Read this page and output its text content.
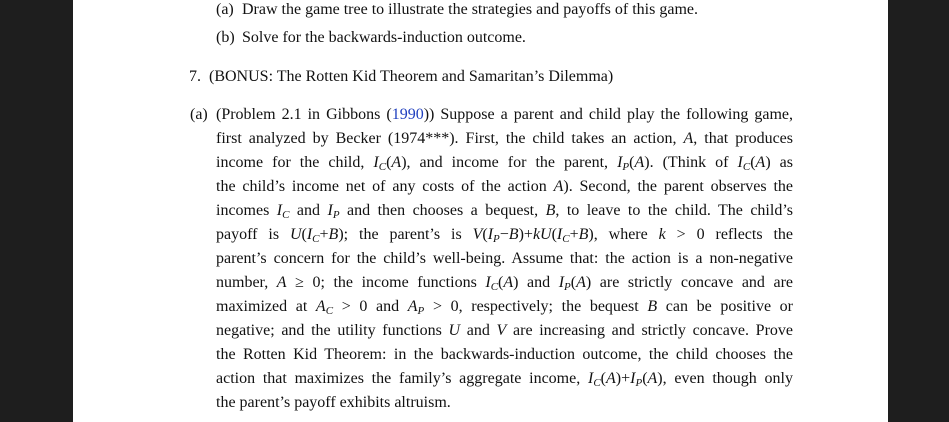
(a) Draw the game tree to illustrate the strategies and payoffs of this game.
(b) Solve for the backwards-induction outcome.
7. (BONUS: The Rotten Kid Theorem and Samaritan’s Dilemma)
(a) (Problem 2.1 in Gibbons (1990)) Suppose a parent and child play the following game,
first analyzed by Becker (1974***). First, the child takes an action, A, that produces
income for the child, $I_C(A)$, and income for the parent, $I_P(A)$. (Think of $I_C(A)$ as
the child’s income net of any costs of the action A). Second, the parent observes the
incomes $I_C$ and $I_P$ and then chooses a bequest, B, to leave to the child. The child’s
payoff is $U(I_C+B)$; the parent’s is $V(I_P-B)+kU(I_C+B)$, where k > 0 reflects the
parent’s concern for the child’s well-being. Assume that: the action is a non-negative
number, A ≥ 0; the income functions $I_C(A)$ and $I_P(A)$ are strictly concave and are
maximized at $A_C > 0$ and $A_P > 0$, respectively; the bequest B can be positive or
negative; and the utility functions U and V are increasing and strictly concave. Prove
the Rotten Kid Theorem: in the backwards-induction outcome, the child chooses the
action that maximizes the family’s aggregate income, $I_C(A)+I_P(A)$, even though only
the parent’s payoff exhibits altruism.
